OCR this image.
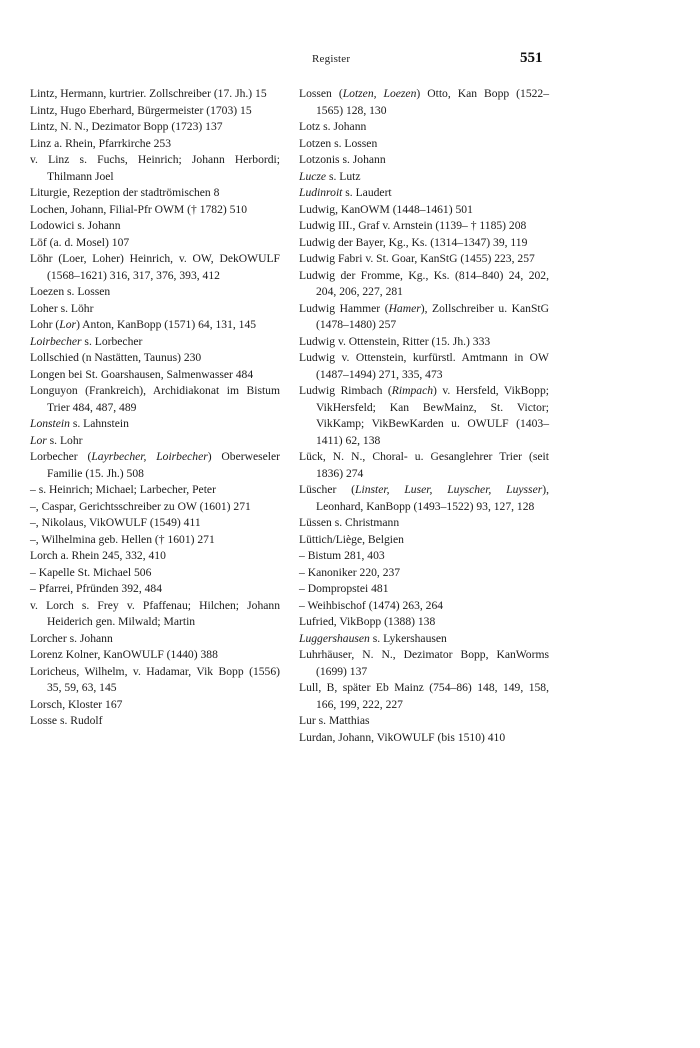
Register	551
Lintz, Hermann, kurtrier. Zollschreiber (17. Jh.) 15
Lintz, Hugo Eberhard, Bürgermeister (1703) 15
Lintz, N. N., Dezimator Bopp (1723) 137
Linz a. Rhein, Pfarrkirche 253
v. Linz s. Fuchs, Heinrich; Johann Herbordi; Thilmann Joel
Liturgie, Rezeption der stadtrömischen 8
Lochen, Johann, Filial-Pfr OWM († 1782) 510
Lodowici s. Johann
Löf (a. d. Mosel) 107
Löhr (Loer, Loher) Heinrich, v. OW, DekOWULF (1568–1621) 316, 317, 376, 393, 412
Loezen s. Lossen
Loher s. Löhr
Lohr (Lor) Anton, KanBopp (1571) 64, 131, 145
Loirbecher s. Lorbecher
Lollschied (n Nastätten, Taunus) 230
Longen bei St. Goarshausen, Salmenwasser 484
Longuyon (Frankreich), Archidiakonat im Bistum Trier 484, 487, 489
Lonstein s. Lahnstein
Lor s. Lohr
Lorbecher (Layrbecher, Loirbecher) Oberweseler Familie (15. Jh.) 508
– s. Heinrich; Michael; Larbecher, Peter
–, Caspar, Gerichtsschreiber zu OW (1601) 271
–, Nikolaus, VikOWULF (1549) 411
–, Wilhelmina geb. Hellen († 1601) 271
Lorch a. Rhein 245, 332, 410
– Kapelle St. Michael 506
– Pfarrei, Pfründen 392, 484
v. Lorch s. Frey v. Pfaffenau; Hilchen; Johann Heiderich gen. Milwald; Martin
Lorcher s. Johann
Lorenz Kolner, KanOWULF (1440) 388
Loricheus, Wilhelm, v. Hadamar, Vik Bopp (1556) 35, 59, 63, 145
Lorsch, Kloster 167
Losse s. Rudolf
Lossen (Lotzen, Loezen) Otto, Kan Bopp (1522–1565) 128, 130
Lotz s. Johann
Lotzen s. Lossen
Lotzonis s. Johann
Lucze s. Lutz
Ludinroit s. Laudert
Ludwig, KanOWM (1448–1461) 501
Ludwig III., Graf v. Arnstein (1139– † 1185) 208
Ludwig der Bayer, Kg., Ks. (1314–1347) 39, 119
Ludwig Fabri v. St. Goar, KanStG (1455) 223, 257
Ludwig der Fromme, Kg., Ks. (814–840) 24, 202, 204, 206, 227, 281
Ludwig Hammer (Hamer), Zollschreiber u. KanStG (1478–1480) 257
Ludwig v. Ottenstein, Ritter (15. Jh.) 333
Ludwig v. Ottenstein, kurfürstl. Amtmann in OW (1487–1494) 271, 335, 473
Ludwig Rimbach (Rimpach) v. Hersfeld, VikBopp; VikHersfeld; Kan BewMainz, St. Victor; VikKamp; VikBewKarden u. OWULF (1403–1411) 62, 138
Lück, N. N., Choral- u. Gesanglehrer Trier (seit 1836) 274
Lüscher (Linster, Luser, Luyscher, Luysser), Leonhard, KanBopp (1493–1522) 93, 127, 128
Lüssen s. Christmann
Lüttich/Liège, Belgien
– Bistum 281, 403
– Kanoniker 220, 237
– Dompropstei 481
– Weihbischof (1474) 263, 264
Lufried, VikBopp (1388) 138
Luggershausen s. Lykershausen
Luhrhäuser, N. N., Dezimator Bopp, KanWorms (1699) 137
Lull, B, später Eb Mainz (754–86) 148, 149, 158, 166, 199, 222, 227
Lur s. Matthias
Lurdan, Johann, VikOWULF (bis 1510) 410
